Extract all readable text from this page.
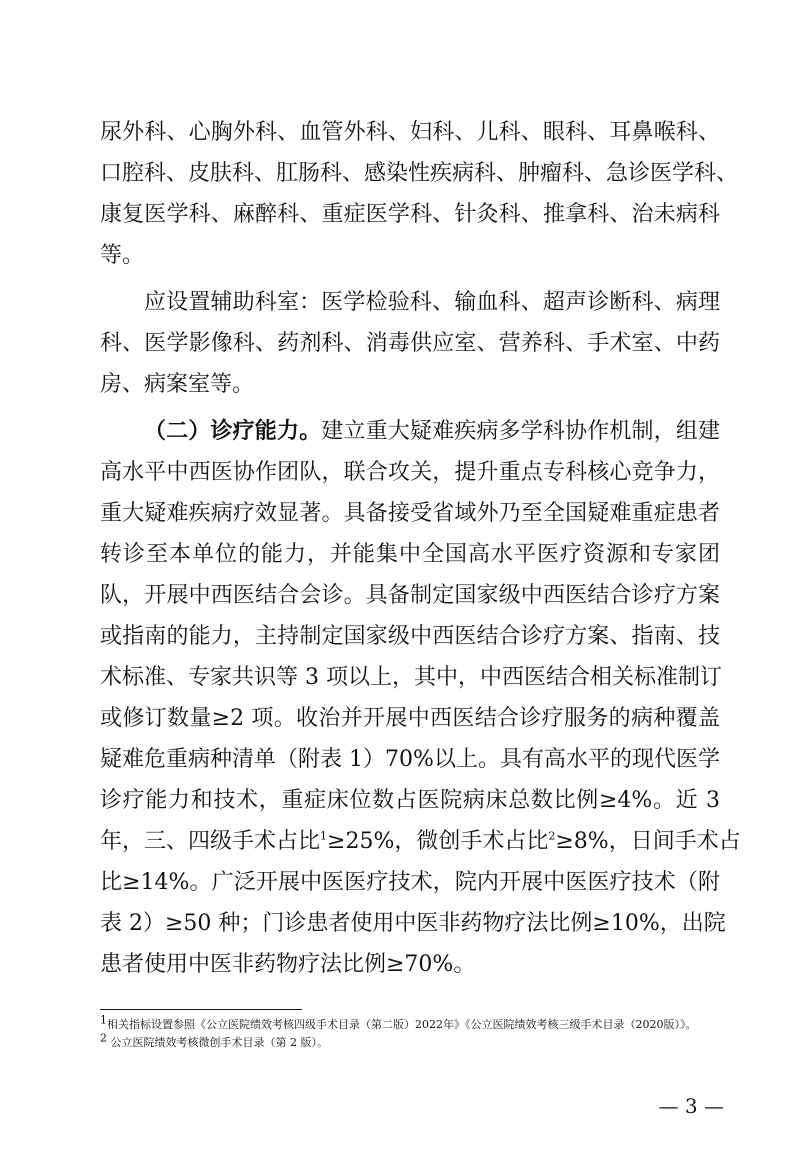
尿外科、心胸外科、血管外科、妇科、儿科、眼科、耳鼻喉科、
口腔科、皮肤科、肛肠科、感染性疾病科、肿瘤科、急诊医学科、
康复医学科、麻醉科、重症医学科、针灸科、推拿科、治未病科
等。
应设置辅助科室：医学检验科、输血科、超声诊断科、病理
科、医学影像科、药剂科、消毒供应室、营养科、手术室、中药
房、病案室等。
（二）诊疗能力。建立重大疑难疾病多学科协作机制，组建
高水平中西医协作团队，联合攻关，提升重点专科核心竞争力，
重大疑难疾病疗效显著。具备接受省域外乃至全国疑难重症患者
转诊至本单位的能力，并能集中全国高水平医疗资源和专家团
队，开展中西医结合会诊。具备制定国家级中西医结合诊疗方案
或指南的能力，主持制定国家级中西医结合诊疗方案、指南、技
术标准、专家共识等 3 项以上，其中，中西医结合相关标准制订
或修订数量≥2 项。收治并开展中西医结合诊疗服务的病种覆盖
疑难危重病种清单（附表 1）70%以上。具有高水平的现代医学
诊疗能力和技术，重症床位数占医院病床总数比例≥4%。近 3
年，三、四级手术占比$^1$≥25%，微创手术占比$^2$≥8%，日间手术占
比≥14%。广泛开展中医医疗技术，院内开展中医医疗技术（附
表 2）≥50 种；门诊患者使用中医非药物疗法比例≥10%，出院
患者使用中医非药物疗法比例≥70%。
$^1$相关指标设置参照《公立医院绩效考核四级手术目录（第二版）2022年》《公立医院绩效考核三级手术目录（2020版）》。
$^2$ 公立医院绩效考核微创手术目录（第 2 版）。
— 3 —
